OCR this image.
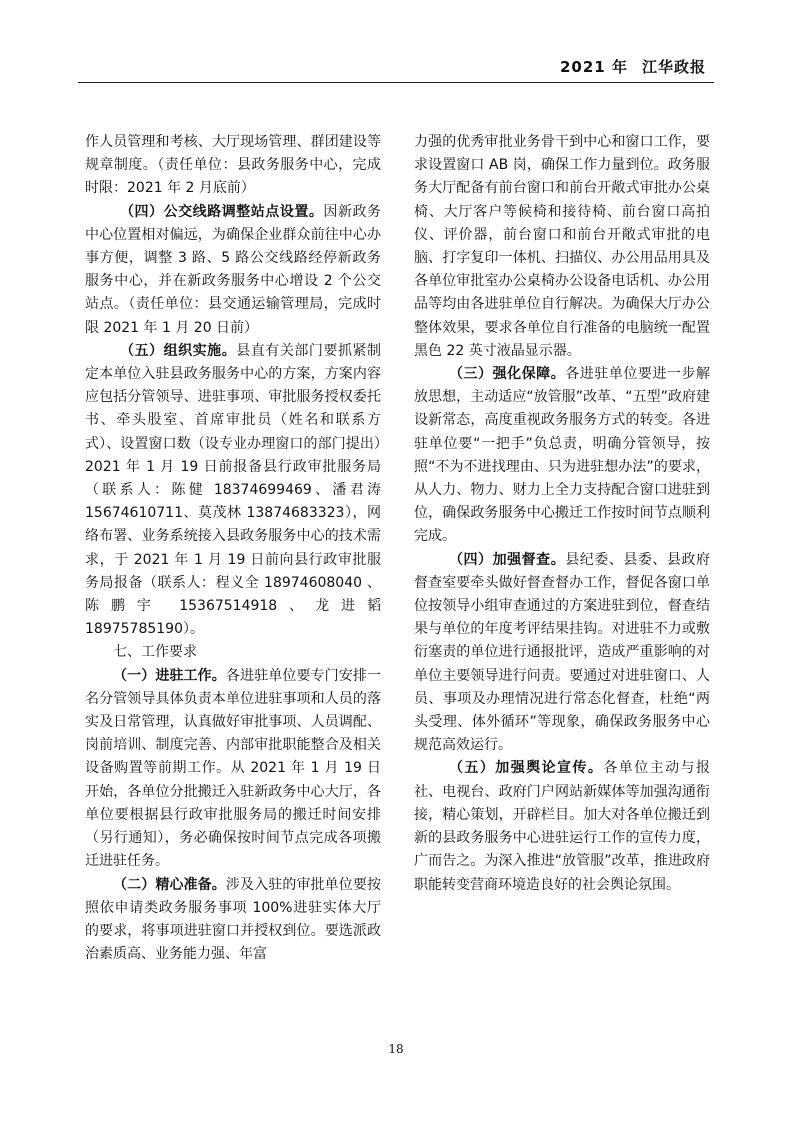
2021 年 江华政报

作人员管理和考核、大厅现场管理、群团建设等规章制度。（责任单位：县政务服务中心，完成时限：2021 年 2 月底前）

（四）公交线路调整站点设置。因新政务中心位置相对偏远，为确保企业群众前往中心办事方便，调整 3 路、5 路公交线路经停新政务服务中心，并在新政务服务中心增设 2 个公交站点。（责任单位：县交通运输管理局，完成时限 2021 年 1 月 20 日前）

（五）组织实施。县直有关部门要抓紧制定本单位入驻县政务服务中心的方案，方案内容应包括分管领导、进驻事项、审批服务授权委托书、牵头股室、首席审批员（姓名和联系方式）、设置窗口数（设专业办理窗口的部门提出）2021 年 1 月 19 日前报备县行政审批服务局（联系人：陈健 18374699469、潘君涛 15674610711、莫茂林 13874683323），网络布署、业务系统接入县政务服务中心的技术需求，于 2021 年 1 月 19 日前向县行政审批服务局报备（联系人：程义全 18974608040 、陈鹏宇 15367514918、龙进韬 18975785190）。

七、工作要求

（一）进驻工作。各进驻单位要专门安排一名分管领导具体负责本单位进驻事项和人员的落实及日常管理，认真做好审批事项、人员调配、岗前培训、制度完善、内部审批职能整合及相关设备购置等前期工作。从 2021 年 1 月 19 日开始，各单位分批搬迁入驻新政务中心大厅，各单位要根据县行政审批服务局的搬迁时间安排（另行通知），务必确保按时间节点完成各项搬迁进驻任务。

（二）精心准备。涉及入驻的审批单位要按照依申请类政务服务事项 100%进驻实体大厅的要求，将事项进驻窗口并授权到位。要选派政治素质高、业务能力强、年富

力强的优秀审批业务骨干到中心和窗口工作，要求设置窗口 AB 岗，确保工作力量到位。政务服务大厅配备有前台窗口和前台开敞式审批办公桌椅、大厅客户等候椅和接待椅、前台窗口高拍仪、评价器，前台窗口和前台开敞式审批的电脑、打字复印一体机、扫描仪、办公用品用具及各单位审批室办公桌椅办公设备电话机、办公用品等均由各进驻单位自行解决。为确保大厅办公整体效果，要求各单位自行准备的电脑统一配置黑色 22 英寸液晶显示器。

（三）强化保障。各进驻单位要进一步解放思想，主动适应“放管服”改革、“五型”政府建设新常态，高度重视政务服务方式的转变。各进驻单位要“一把手”负总责，明确分管领导，按照“不为不进找理由、只为进驻想办法”的要求，从人力、物力、财力上全力支持配合窗口进驻到位，确保政务服务中心搬迁工作按时间节点顺利完成。

（四）加强督查。县纪委、县委、县政府督查室要牵头做好督查督办工作，督促各窗口单位按领导小组审查通过的方案进驻到位，督查结果与单位的年度考评结果挂钩。对进驻不力或敷衍塞责的单位进行通报批评，造成严重影响的对单位主要领导进行问责。要通过对进驻窗口、人员、事项及办理情况进行常态化督查，杜绝“两头受理、体外循环”等现象，确保政务服务中心规范高效运行。

（五）加强舆论宣传。各单位主动与报社、电视台、政府门户网站新媒体等加强沟通衔接，精心策划，开辟栏目。加大对各单位搬迁到新的县政务服务中心进驻运行工作的宣传力度，广而告之。为深入推进“放管服”改革，推进政府职能转变营商环境造良好的社会舆论氛围。

18
